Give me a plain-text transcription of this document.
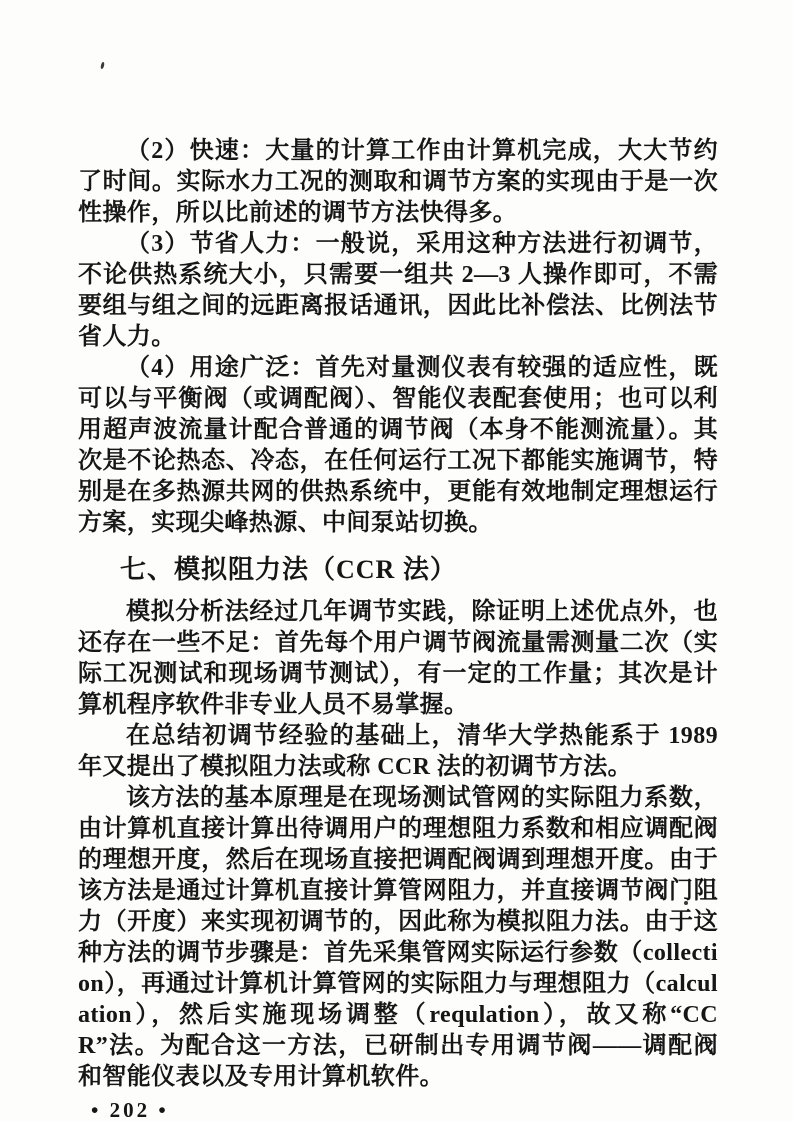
（2）快速：大量的计算工作由计算机完成，大大节约了时间。实际水力工况的测取和调节方案的实现由于是一次性操作，所以比前述的调节方法快得多。

（3）节省人力：一般说，采用这种方法进行初调节，不论供热系统大小，只需要一组共 2—3 人操作即可，不需要组与组之间的远距离报话通讯，因此比补偿法、比例法节省人力。

（4）用途广泛：首先对量测仪表有较强的适应性，既可以与平衡阀（或调配阀）、智能仪表配套使用；也可以利用超声波流量计配合普通的调节阀（本身不能测流量）。其次是不论热态、冷态，在任何运行工况下都能实施调节，特别是在多热源共网的供热系统中，更能有效地制定理想运行方案，实现尖峰热源、中间泵站切换。

七、模拟阻力法（CCR 法）

模拟分析法经过几年调节实践，除证明上述优点外，也还存在一些不足：首先每个用户调节阀流量需测量二次（实际工况测试和现场调节测试），有一定的工作量；其次是计算机程序软件非专业人员不易掌握。

在总结初调节经验的基础上，清华大学热能系于 1989 年又提出了模拟阻力法或称 CCR 法的初调节方法。

该方法的基本原理是在现场测试管网的实际阻力系数，由计算机直接计算出待调用户的理想阻力系数和相应调配阀的理想开度，然后在现场直接把调配阀调到理想开度。由于该方法是通过计算机直接计算管网阻力，并直接调节阀门阻力（开度）来实现初调节的，因此称为模拟阻力法。由于这种方法的调节步骤是：首先采集管网实际运行参数（collection），再通过计算机计算管网的实际阻力与理想阻力（calculation），然后实施现场调整（requlation），故又称“CCR”法。为配合这一方法，已研制出专用调节阀——调配阀和智能仪表以及专用计算机软件。

• 202 •
